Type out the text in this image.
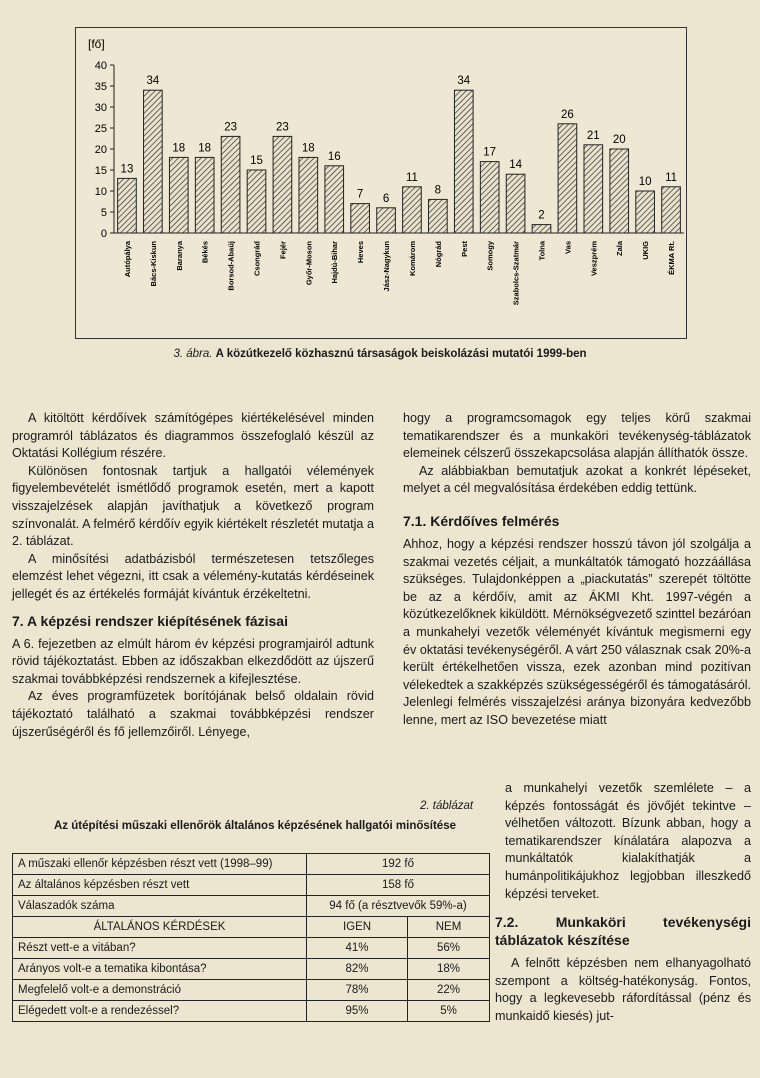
[fő]
0
5
10
15
20
25
30
35
40
13
Autópálya
34
Bács-Kiskun
18
Baranya
18
Békés
23
Borsod-Abaúj
15
Csongrád
23
Fejér
18
Győr-Moson
16
Hajdú-Bihar
7
Heves
6
Jász-Nagykun
11
Komárom
8
Nógrád
34
Pest
17
Somogy
14
Szabolcs-Szatmár
2
Tolna
26
Vas
21
Veszprém
20
Zala
10
UKIG
11
ÉKMA Rt.
3. ábra. A közútkezelő közhasznú társaságok beiskolázási mutatói 1999-ben

A kitöltött kérdőívek számítógépes kiértékelésével minden programról táblázatos és diagrammos összefoglaló készül az Oktatási Kollégium részére.

Különösen fontosnak tartjuk a hallgatói vélemények figyelembevételét ismétlődő programok esetén, mert a kapott visszajelzések alapján javíthatjuk a következő program színvonalát. A felmérő kérdőív egyik kiértékelt részletét mutatja a 2. táblázat.

A minősítési adatbázisból természetesen tetszőleges elemzést lehet végezni, itt csak a vélemény-kutatás kérdéseinek jellegét és az értékelés formáját kívántuk érzékeltetni.

7. A képzési rendszer kiépítésének fázisai

A 6. fejezetben az elmúlt három év képzési programjairól adtunk rövid tájékoztatást. Ebben az időszakban elkezdődött az újszerű szakmai továbbképzési rendszernek a kifejlesztése.

Az éves programfüzetek borítójának belső oldalain rövid tájékoztató található a szakmai továbbképzési rendszer újszerűségéről és fő jellemzőiről. Lényege,

2. táblázat
Az útépítési műszaki ellenőrök általános képzésének hallgatói minősítése
A műszaki ellenőr képzésben részt vett (1998–99)	192 fő	
Az általános képzésben részt vett	158 fő	
Válaszadók száma	94 fő (a résztvevők 59%-a)	
ÁLTALÁNOS KÉRDÉSEK	IGEN	NEM
Részt vett-e a vitában?	41%	56%
Arányos volt-e a tematika kibontása?	82%	18%
Megfelelő volt-e a demonstráció	78%	22%
Elégedett volt-e a rendezéssel?	95%	5%

hogy a programcsomagok egy teljes körű szakmai tematikarendszer és a munkaköri tevékenység-táblázatok elemeinek célszerű összekapcsolása alapján állíthatók össze.

Az alábbiakban bemutatjuk azokat a konkrét lépéseket, melyet a cél megvalósítása érdekében eddig tettünk.

7.1. Kérdőíves felmérés

Ahhoz, hogy a képzési rendszer hosszú távon jól szolgálja a szakmai vezetés céljait, a munkáltatók támogató hozzáállása szükséges. Tulajdonképpen a „piackutatás” szerepét töltötte be az a kérdőív, amit az ÁKMI Kht. 1997-végén a közútkezelőknek kiküldött. Mérnökségvezető szinttel bezáróan a munkahelyi vezetők véleményét kívántuk megismerni egy év oktatási tevékenységéről. A várt 250 válasznak csak 20%-a került értékelhetően vissza, ezek azonban mind pozitívan vélekedtek a szakképzés szükségességéről és támogatásáról. Jelenlegi felmérés visszajelzési aránya bizonyára kedvezőbb lenne, mert az ISO bevezetése miatt

a munkahelyi vezetők szemlélete – a képzés fontosságát és jövőjét tekintve – vélhetően változott. Bízunk abban, hogy a tematikarendszer kínálatára alapozva a munkáltatók kialakíthatják a humánpolitikájukhoz legjobban illeszkedő képzési terveket.

7.2. Munkaköri tevékenységi táblázatok készítése

A felnőtt képzésben nem elhanyagolható szempont a költség-hatékonyság. Fontos, hogy a legkevesebb ráfordítással (pénz és munkaidő kiesés) jut-
